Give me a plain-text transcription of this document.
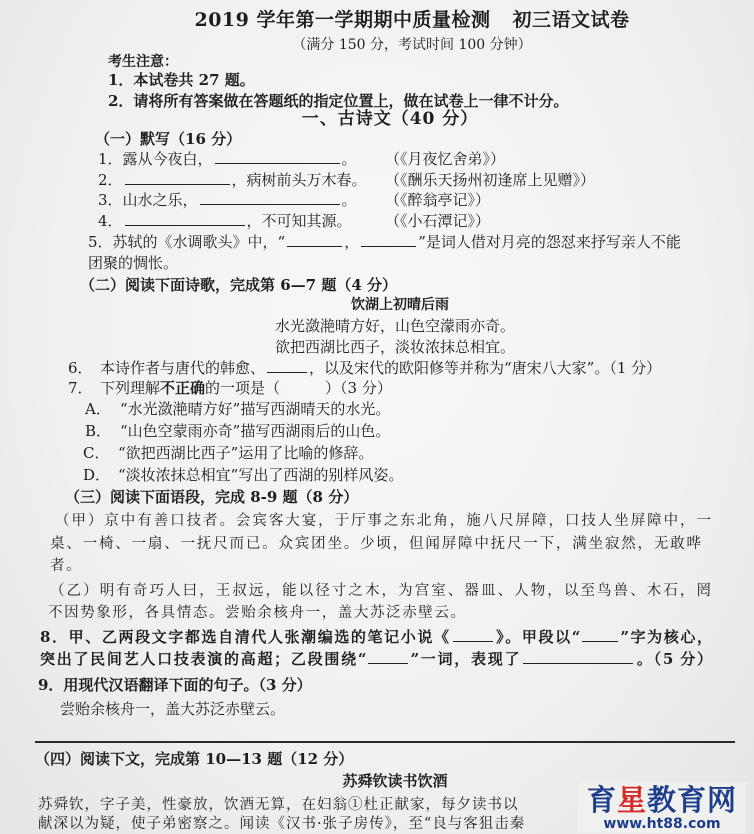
2019 学年第一学期期中质量检测 初三语文试卷
（满分 150 分，考试时间 100 分钟）
考生注意：
1．本试卷共 27 题。
2．请将所有答案做在答题纸的指定位置上，做在试卷上一律不计分。
一、古诗文（40 分）
（一）默写（16 分）
1．露从今夜白，	。 （《月夜忆舍弟》）
2．	，病树前头万木春。 （《酬乐天扬州初逢席上见赠》）
3．山水之乐，	。 （《醉翁亭记》）
4．	，不可知其源。 （《小石潭记》）
5．苏轼的《水调歌头》中，“	，	”是词人借对月亮的怨怼来抒写亲人不能
团聚的惆怅。
（二）阅读下面诗歌，完成第 6—7 题（4 分）
饮湖上初晴后雨
水光潋滟晴方好，山色空濛雨亦奇。
欲把西湖比西子，淡妆浓抹总相宜。
6． 本诗作者与唐代的韩愈、	，以及宋代的欧阳修等并称为“唐宋八大家”。（1 分）
7． 下列理解不正确的一项是（　　　）（3 分）
A． “水光潋滟晴方好”描写西湖晴天的水光。
B． “山色空蒙雨亦奇”描写西湖雨后的山色。
C． “欲把西湖比西子”运用了比喻的修辞。
D． “淡妆浓抹总相宜”写出了西湖的别样风姿。
（三）阅读下面语段，完成 8-9 题（8 分）
（甲）京中有善口技者。会宾客大宴，于厅事之东北角，施八尺屏障，口技人坐屏障中，一
桌、一椅、一扇、一抚尺而已。众宾团坐。少顷，但闻屏障中抚尺一下，满坐寂然，无敢哗
者。
（乙）明有奇巧人曰，王叔远，能以径寸之木，为宫室、器皿、人物，以至鸟兽、木石，罔
不因势象形，各具情态。尝贻余核舟一，盖大苏泛赤壁云。
8．甲、乙两段文字都选自清代人张潮编选的笔记小说《	》。甲段以“	”字为核心，
突出了民间艺人口技表演的高超；乙段围绕“	”一词，表现了	。（5 分）
9．用现代汉语翻译下面的句子。（3 分）
尝贻余核舟一，盖大苏泛赤壁云。
（四）阅读下文，完成第 10—13 题（12 分）
苏舜钦读书饮酒
苏舜钦，字子美，性豪放，饮酒无算，在妇翁①杜正献家，每夕读书以
献深以为疑，使子弟密察之。闻读《汉书·张子房传》，至“良与客狙击秦
育星教育网
www.ht88.com
